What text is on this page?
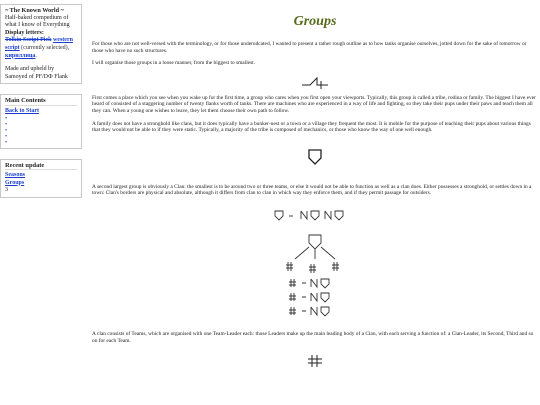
~ The Known World ~
Half-baked compedium of what I know of Everything
Display letters:
Tolkin Script Pick western script (currently selected),
кириллица.
Made and upheld by Samoyed of PF/DФ Flank
Main Contents
Back to Start
•
•
•
•
•
Recent update
Seasons
Groups
3
Groups

For those who are not well-versed with the terminology, or for those underudcated, I wanted to present a rather rough outline as to how tanks organise ourselves, jotted down for the sake of tomorrow or those who have no such structures.

I will organise those groups in a loose manner, from the biggest to smallest.

First comes a place which you see when you wake up for the first time, a group who cares when you first open your viewports. Typically, this group is called a tribe, rodina or family. The biggest I have ever heard of consisted of a staggering number of twenty flanks worth of tanks. There are machines who are experienced in a way of life and fighting, so they take their pups under their paws and teach them all they can. When a young one wishes to leave, they let them choose their own path to follow.

A family does not have a stronghold like clans, but it does typically have a bunker-nest or a town or a village they frequent the most. It is mobile for the purpose of teaching their pups about various things that they would not be able to if they were static. Typically, a majority of the tribe is composed of mechanics, or those who know the way of one well enough.

A second largest group is obviously a Clan: the smallest is to be around two or three teams, or else it would not be able to function as well as a clan does. Either possesses a stronghold, or settles down in a town: Clan's borders are physical and absolute, although it differs from clan to clan in which way they enforce them, and if they permit passage for outsiders.

A clan consists of Teams, which are organised with one Team-Leader each: those Leaders make up the main leading body of a Clan, with each serving a function of: a Clan-Leader, its Second, Third and so on for each Team.
